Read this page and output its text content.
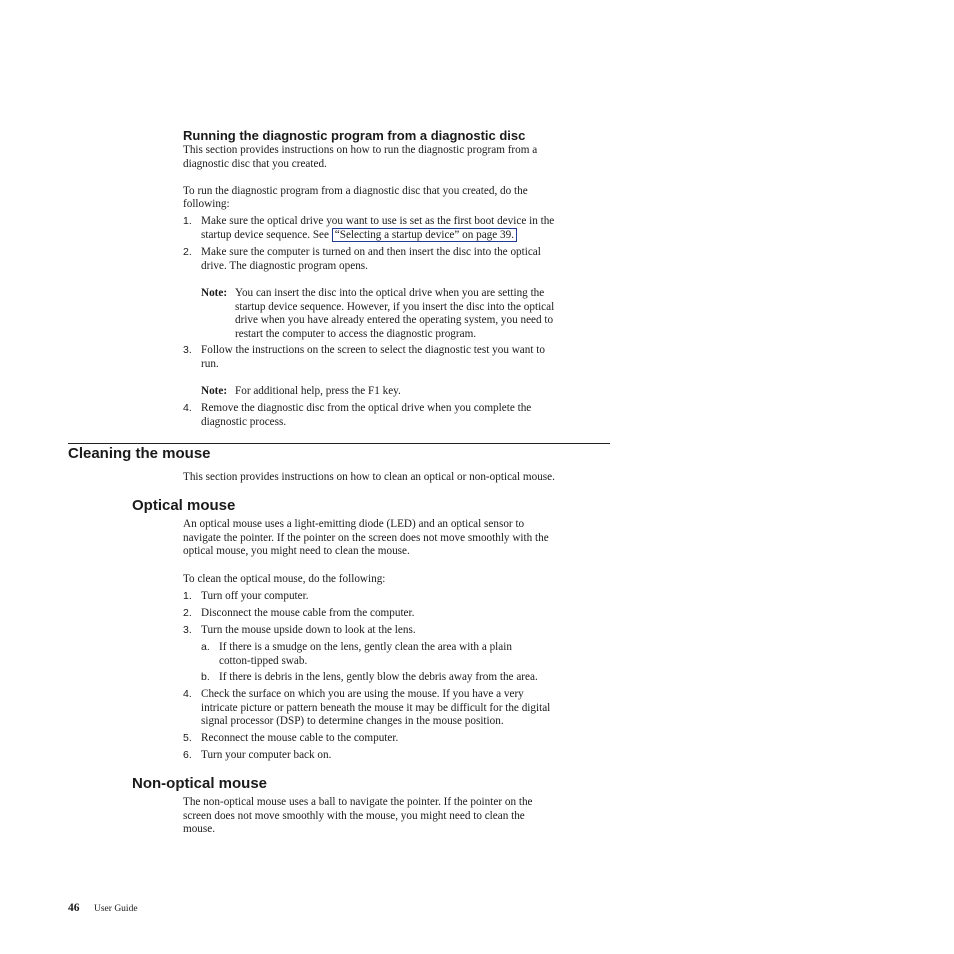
Running the diagnostic program from a diagnostic disc

This section provides instructions on how to run the diagnostic program from a

diagnostic disc that you created.

To run the diagnostic program from a diagnostic disc that you created, do the

following:

1. Make sure the optical drive you want to use is set as the first boot device in the
startup device sequence. See “Selecting a startup device” on page 39.
2. Make sure the computer is turned on and then insert the disc into the optical
drive. The diagnostic program opens.
Note: You can insert the disc into the optical drive when you are setting the
startup device sequence. However, if you insert the disc into the optical
drive when you have already entered the operating system, you need to
restart the computer to access the diagnostic program.
3. Follow the instructions on the screen to select the diagnostic test you want to
run.
Note: For additional help, press the F1 key.
4. Remove the diagnostic disc from the optical drive when you complete the
diagnostic process.
Cleaning the mouse

This section provides instructions on how to clean an optical or non-optical mouse.

Optical mouse
An optical mouse uses a light-emitting diode (LED) and an optical sensor to
navigate the pointer. If the pointer on the screen does not move smoothly with the
optical mouse, you might need to clean the mouse.

To clean the optical mouse, do the following:

1. Turn off your computer.
2. Disconnect the mouse cable from the computer.
3. Turn the mouse upside down to look at the lens.
a. If there is a smudge on the lens, gently clean the area with a plain
cotton-tipped swab.
b. If there is debris in the lens, gently blow the debris away from the area.
4. Check the surface on which you are using the mouse. If you have a very
intricate picture or pattern beneath the mouse it may be difficult for the digital
signal processor (DSP) to determine changes in the mouse position.
5. Reconnect the mouse cable to the computer.
6. Turn your computer back on.
Non-optical mouse
The non-optical mouse uses a ball to navigate the pointer. If the pointer on the
screen does not move smoothly with the mouse, you might need to clean the
mouse.
46 User Guide
